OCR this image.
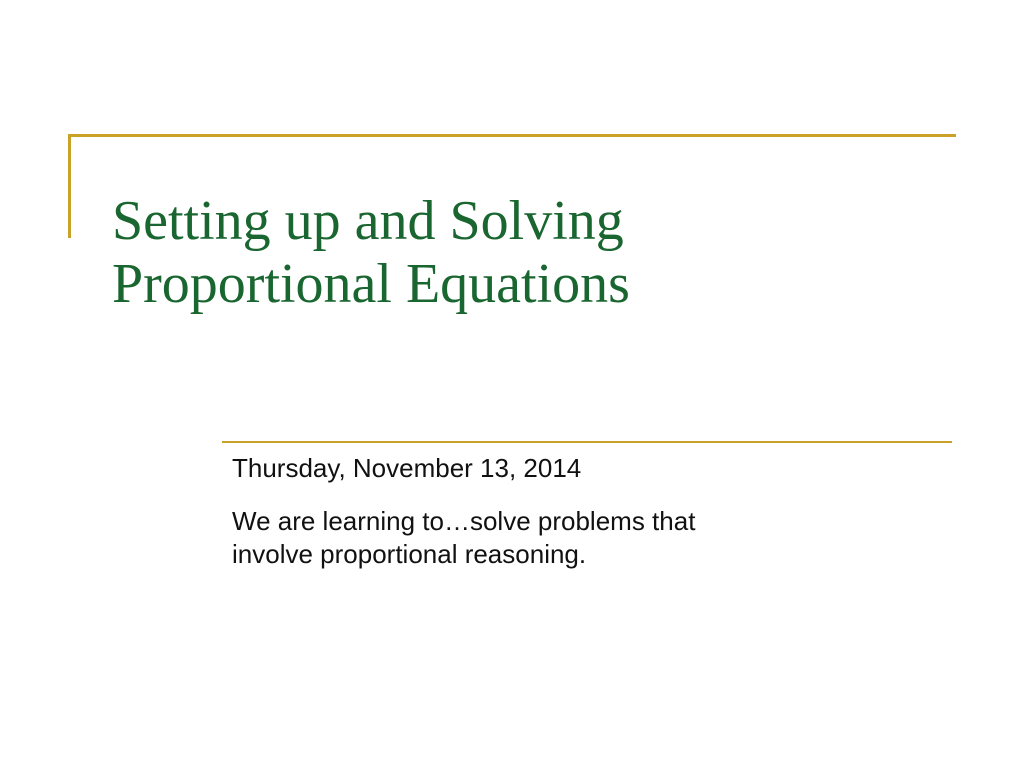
Setting up and Solving
Proportional Equations

Thursday, November 13, 2014

We are learning to…solve problems that
involve proportional reasoning.
